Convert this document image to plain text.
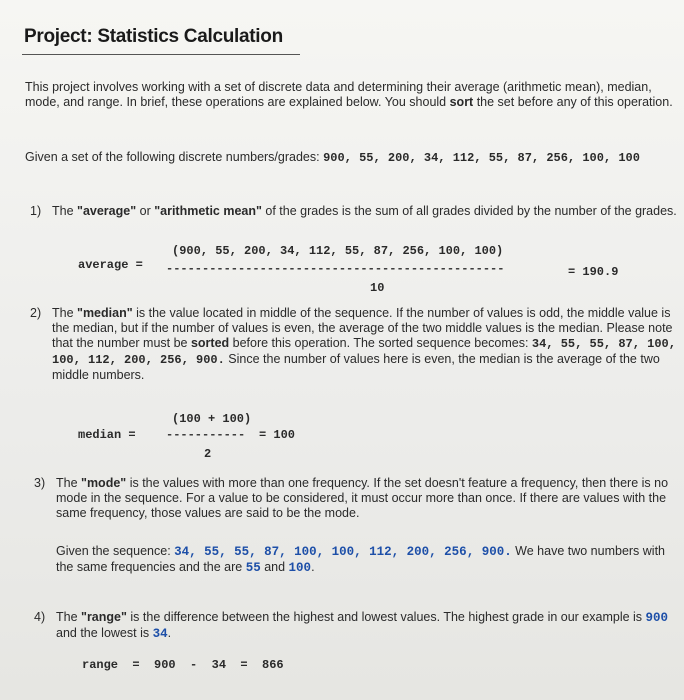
Project: Statistics Calculation

This project involves working with a set of discrete data and determining their average (arithmetic mean), median, mode, and range. In brief, these operations are explained below. You should sort the set before any of this operation.

Given a set of the following discrete numbers/grades: 900, 55, 200, 34, 112, 55, 87, 256, 100, 100

1) The "average" or "arithmetic mean" of the grades is the sum of all grades divided by the number of the grades.

(900, 55, 200, 34, 112, 55, 87, 256, 100, 100)
average = -----------------------------------------------	= 190.9
10
2) The "median" is the value located in middle of the sequence. If the number of values is odd, the middle value is the median, but if the number of values is even, the average of the two middle values is the median. Please note that the number must be sorted before this operation. The sorted sequence becomes: 34, 55, 55, 87, 100, 100, 112, 200, 256, 900. Since the number of values here is even, the median is the average of the two middle numbers.

(100 + 100)
median =	----------- = 100
2
3) The "mode" is the values with more than one frequency. If the set doesn't feature a frequency, then there is no mode in the sequence. For a value to be considered, it must occur more than once. If there are values with the same frequency, those values are said to be the mode.

Given the sequence: 34, 55, 55, 87, 100, 100, 112, 200, 256, 900. We have two numbers with the same frequencies and the are 55 and 100.

4) The "range" is the difference between the highest and lowest values. The highest grade in our example is 900 and the lowest is 34.

range  =  900  -  34  =  866
